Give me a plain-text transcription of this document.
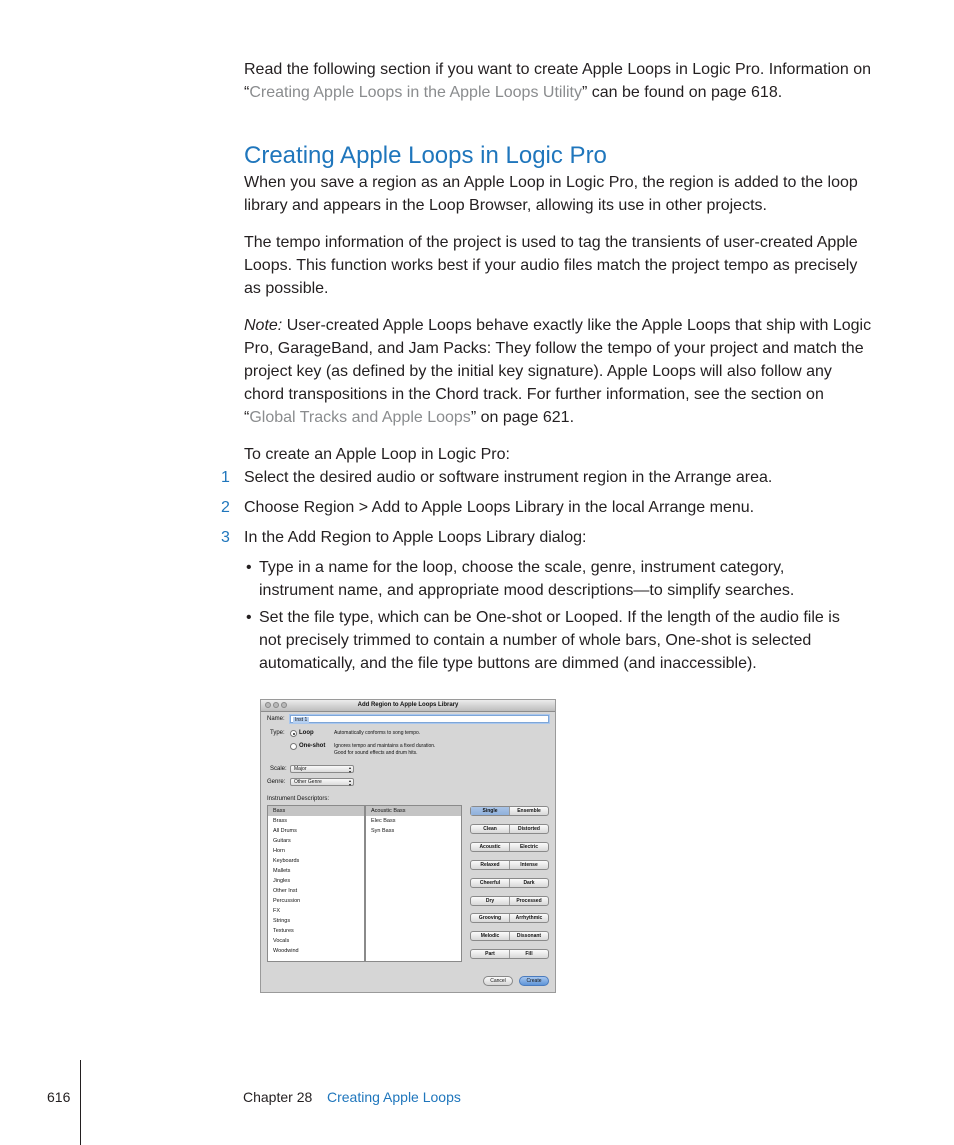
Read the following section if you want to create Apple Loops in Logic Pro. Information on “Creating Apple Loops in the Apple Loops Utility” can be found on page 618.

Creating Apple Loops in Logic Pro

When you save a region as an Apple Loop in Logic Pro, the region is added to the loop library and appears in the Loop Browser, allowing its use in other projects.

The tempo information of the project is used to tag the transients of user-created Apple Loops. This function works best if your audio files match the project tempo as precisely as possible.

Note: User-created Apple Loops behave exactly like the Apple Loops that ship with Logic Pro, GarageBand, and Jam Packs: They follow the tempo of your project and match the project key (as defined by the initial key signature). Apple Loops will also follow any chord transpositions in the Chord track. For further information, see the section on “Global Tracks and Apple Loops” on page 621.

To create an Apple Loop in Logic Pro:

1 Select the desired audio or software instrument region in the Arrange area.

2 Choose Region > Add to Apple Loops Library in the local Arrange menu.

3 In the Add Region to Apple Loops Library dialog:

• Type in a name for the loop, choose the scale, genre, instrument category, instrument name, and appropriate mood descriptions—to simplify searches.

• Set the file type, which can be One-shot or Looped. If the length of the audio file is not precisely trimmed to contain a number of whole bars, One-shot is selected automatically, and the file type buttons are dimmed (and inaccessible).

Add Region to Apple Loops Library
Name:	Inst 1
Type: Loop	Automatically conforms to song tempo.
One-shot Ignores tempo and maintains a fixed duration.
Good for sound effects and drum hits.
Scale:	Major	▴
▾
Genre:	Other Genre	▴
▾
Instrument Descriptors:
Bass
Brass
All Drums
Guitars
Horn
Keyboards
Mallets
Jingles
Other Inst
Percussion
FX
Strings
Textures
Vocals
Woodwind
Acoustic Bass
Elec Bass
Syn Bass
Single	Ensemble
Clean	Distorted
Acoustic	Electric
Relaxed	Intense
Cheerful	Dark
Dry	Processed
Grooving	Arrhythmic
Melodic	Dissonant
Part	Fill
Cancel	Create
616	Chapter 28 Creating Apple Loops
